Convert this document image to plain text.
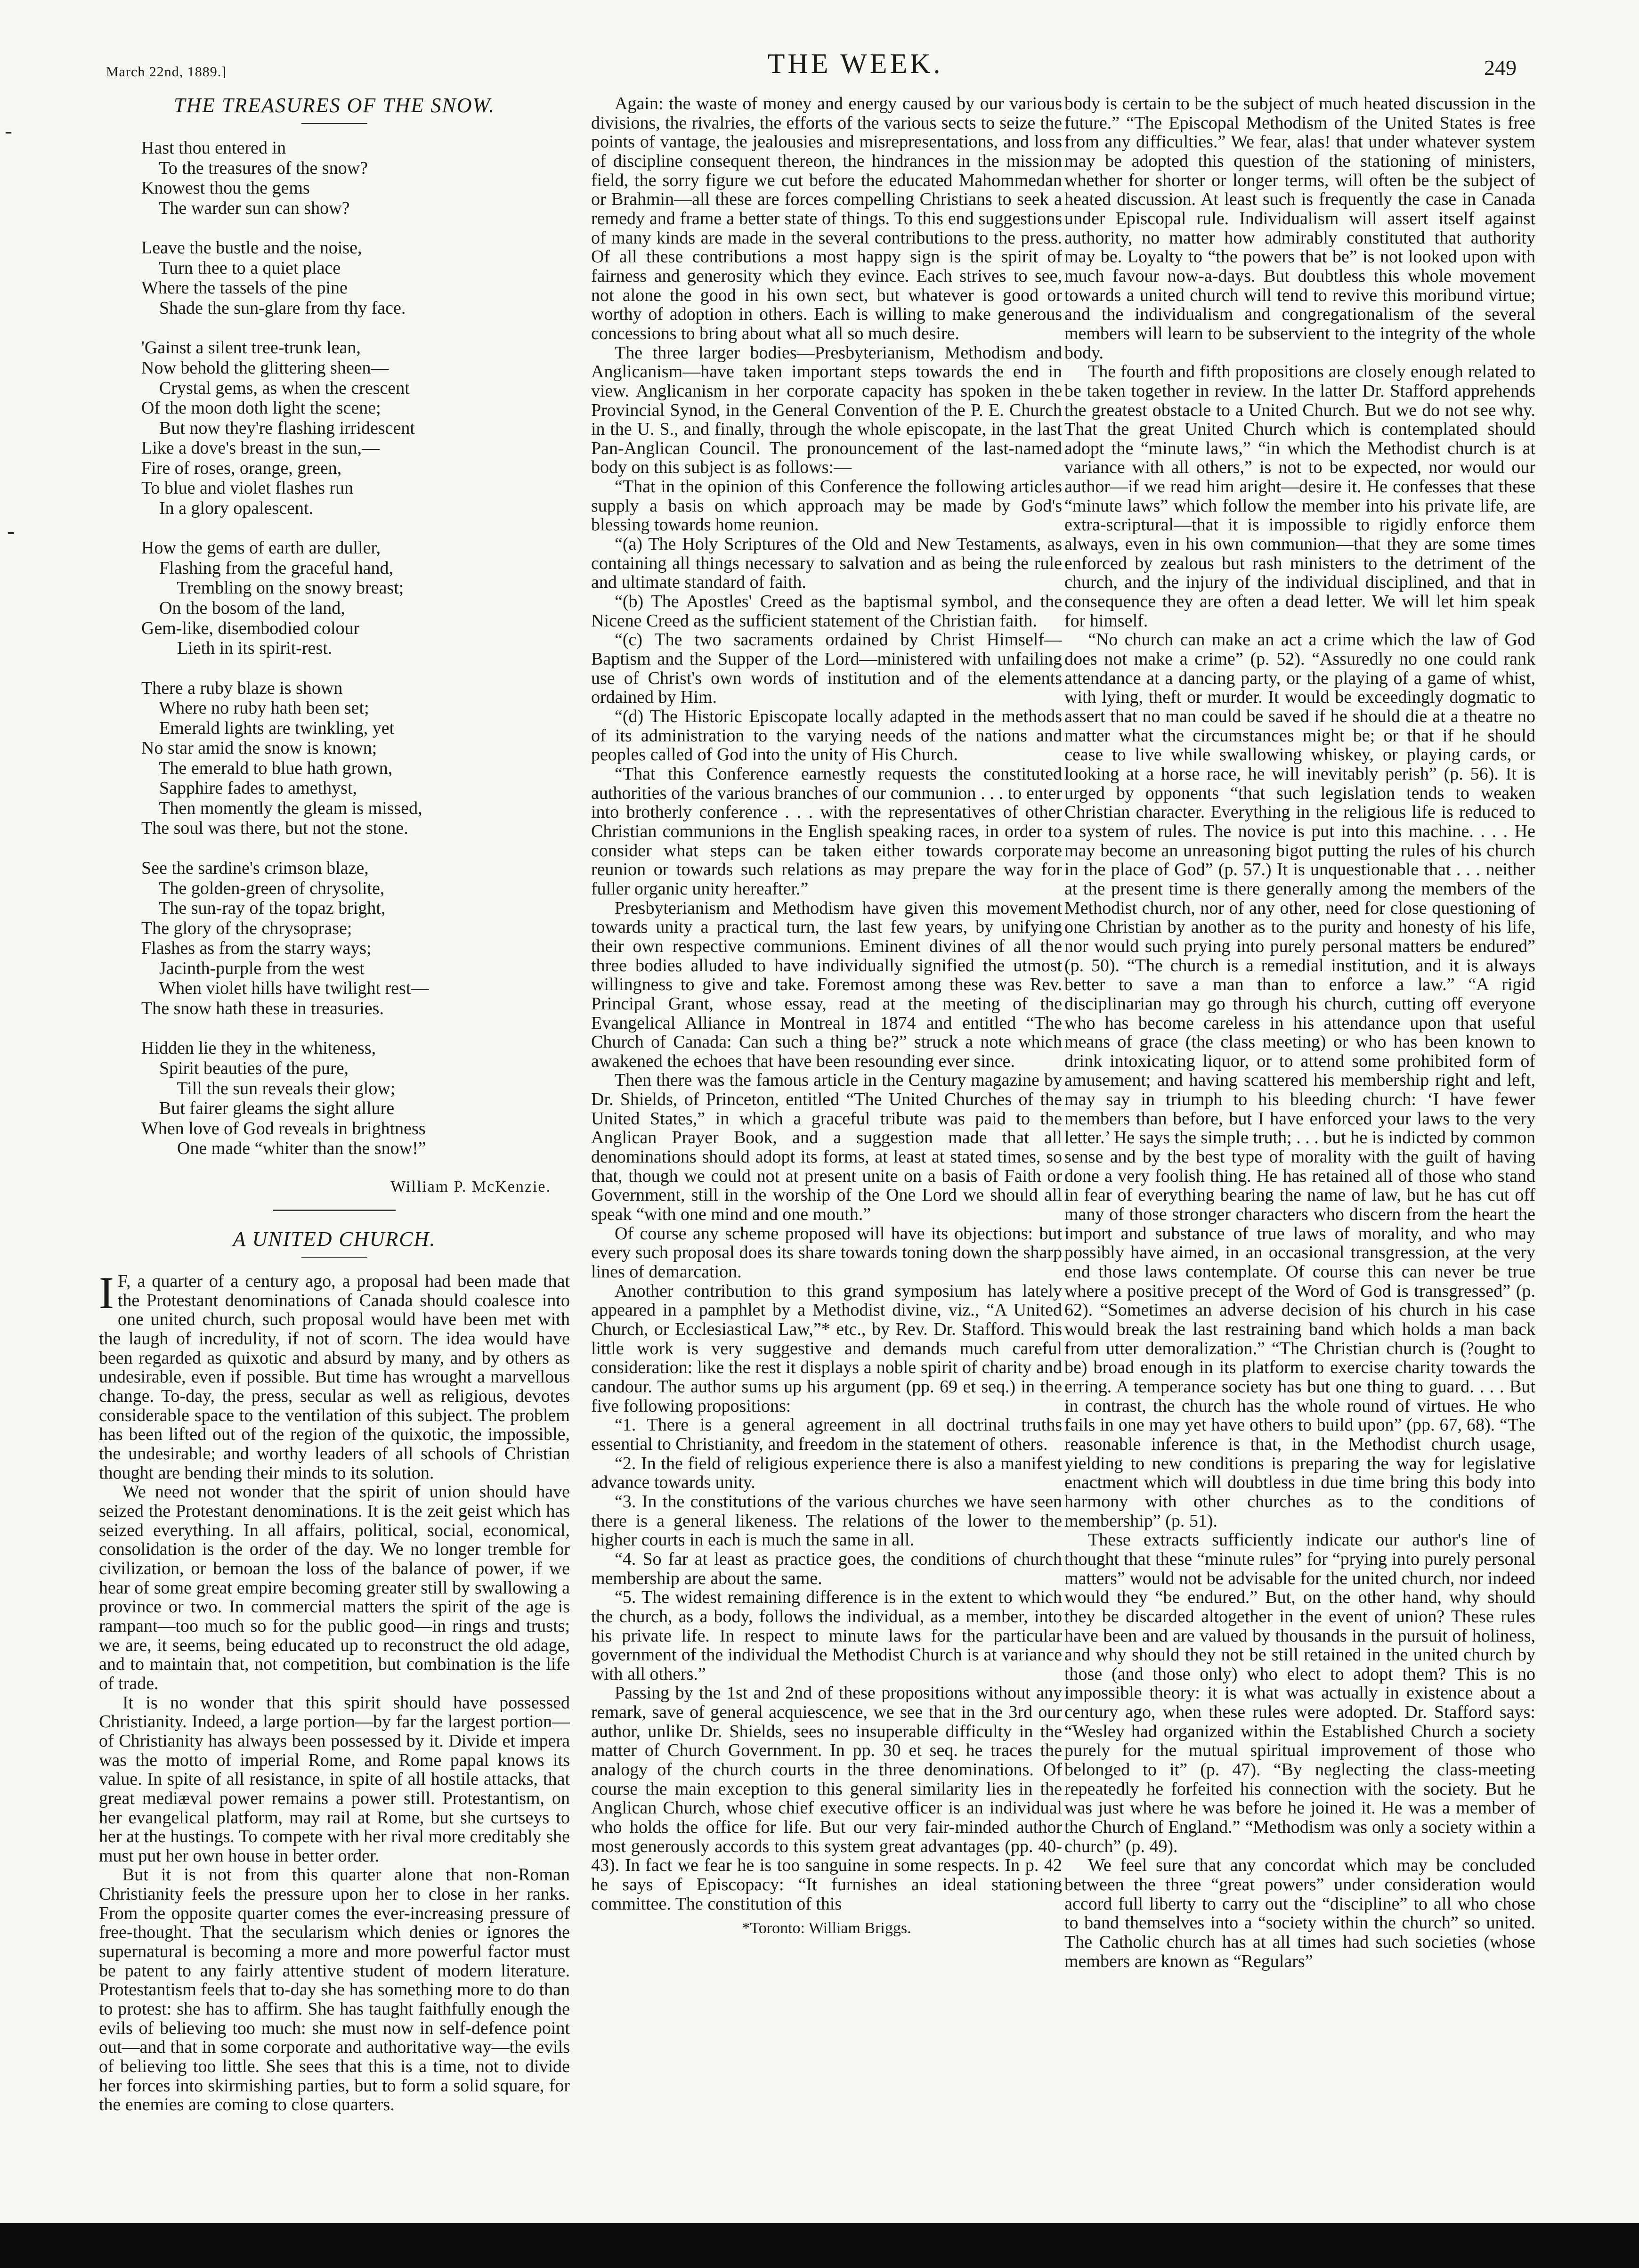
March 22nd, 1889.]	THE WEEK.	249
‐
‐
THE TREASURES OF THE SNOW.
Hast thou entered in
To the treasures of the snow?
Knowest thou the gems
The warder sun can show?
Leave the bustle and the noise,
Turn thee to a quiet place
Where the tassels of the pine
Shade the sun-glare from thy face.
'Gainst a silent tree-trunk lean,
Now behold the glittering sheen—
Crystal gems, as when the crescent
Of the moon doth light the scene;
But now they're flashing irridescent
Like a dove's breast in the sun,—
Fire of roses, orange, green,
To blue and violet flashes run
In a glory opalescent.
How the gems of earth are duller,
Flashing from the graceful hand,
Trembling on the snowy breast;
On the bosom of the land,
Gem-like, disembodied colour
Lieth in its spirit-rest.
There a ruby blaze is shown
Where no ruby hath been set;
Emerald lights are twinkling, yet
No star amid the snow is known;
The emerald to blue hath grown,
Sapphire fades to amethyst,
Then momently the gleam is missed,
The soul was there, but not the stone.
See the sardine's crimson blaze,
The golden-green of chrysolite,
The sun-ray of the topaz bright,
The glory of the chrysoprase;
Flashes as from the starry ways;
Jacinth-purple from the west
When violet hills have twilight rest—
The snow hath these in treasuries.
Hidden lie they in the whiteness,
Spirit beauties of the pure,
Till the sun reveals their glow;
But fairer gleams the sight allure
When love of God reveals in brightness
One made “whiter than the snow!”
William P. McKenzie.
A UNITED CHURCH.

I F, a quarter of a century ago, a proposal had been made that the Protestant denominations of Canada should coalesce into one united church, such proposal would have been met with the laugh of incredulity, if not of scorn. The idea would have been regarded as quixotic and absurd by many, and by others as undesirable, even if possible. But time has wrought a marvellous change. To-day, the press, secular as well as religious, devotes considerable space to the ventilation of this subject. The problem has been lifted out of the region of the quixotic, the impossible, the undesirable; and worthy leaders of all schools of Christian thought are bending their minds to its solution.

We need not wonder that the spirit of union should have seized the Protestant denominations. It is the zeit geist which has seized everything. In all affairs, political, social, economical, consolidation is the order of the day. We no longer tremble for civilization, or bemoan the loss of the balance of power, if we hear of some great empire becoming greater still by swallowing a province or two. In commercial matters the spirit of the age is rampant—too much so for the public good—in rings and trusts; we are, it seems, being educated up to reconstruct the old adage, and to maintain that, not competition, but combination is the life of trade.

It is no wonder that this spirit should have possessed Christianity. Indeed, a large portion—by far the largest portion—of Christianity has always been possessed by it. Divide et impera was the motto of imperial Rome, and Rome papal knows its value. In spite of all resistance, in spite of all hostile attacks, that great mediæval power remains a power still. Protestantism, on her evangelical platform, may rail at Rome, but she curtseys to her at the hustings. To compete with her rival more creditably she must put her own house in better order.

But it is not from this quarter alone that non-Roman Christianity feels the pressure upon her to close in her ranks. From the opposite quarter comes the ever-increasing pressure of free-thought. That the secularism which denies or ignores the supernatural is becoming a more and more powerful factor must be patent to any fairly attentive student of modern literature. Protestantism feels that to-day she has something more to do than to protest: she has to affirm. She has taught faithfully enough the evils of believing too much: she must now in self-defence point out—and that in some corporate and authoritative way—the evils of believing too little. She sees that this is a time, not to divide her forces into skirmishing parties, but to form a solid square, for the enemies are coming to close quarters.

Again: the waste of money and energy caused by our various divisions, the rivalries, the efforts of the various sects to seize the points of vantage, the jealousies and misrepresentations, and loss of discipline consequent thereon, the hindrances in the mission field, the sorry figure we cut before the educated Mahommedan or Brahmin—all these are forces compelling Christians to seek a remedy and frame a better state of things. To this end suggestions of many kinds are made in the several contributions to the press. Of all these contributions a most happy sign is the spirit of fairness and generosity which they evince. Each strives to see, not alone the good in his own sect, but whatever is good or worthy of adoption in others. Each is willing to make generous concessions to bring about what all so much desire.

The three larger bodies—Presbyterianism, Methodism and Anglicanism—have taken important steps towards the end in view. Anglicanism in her corporate capacity has spoken in the Provincial Synod, in the General Convention of the P. E. Church in the U. S., and finally, through the whole episcopate, in the last Pan-Anglican Council. The pronouncement of the last-named body on this subject is as follows:—

“That in the opinion of this Conference the following articles supply a basis on which approach may be made by God's blessing towards home reunion.

“(a) The Holy Scriptures of the Old and New Testaments, as containing all things necessary to salvation and as being the rule and ultimate standard of faith.

“(b) The Apostles' Creed as the baptismal symbol, and the Nicene Creed as the sufficient statement of the Christian faith.

“(c) The two sacraments ordained by Christ Himself—Baptism and the Supper of the Lord—ministered with unfailing use of Christ's own words of institution and of the elements ordained by Him.

“(d) The Historic Episcopate locally adapted in the methods of its administration to the varying needs of the nations and peoples called of God into the unity of His Church.

“That this Conference earnestly requests the constituted authorities of the various branches of our communion . . . to enter into brotherly conference . . . with the representatives of other Christian communions in the English speaking races, in order to consider what steps can be taken either towards corporate reunion or towards such relations as may prepare the way for fuller organic unity hereafter.”

Presbyterianism and Methodism have given this movement towards unity a practical turn, the last few years, by unifying their own respective communions. Eminent divines of all the three bodies alluded to have individually signified the utmost willingness to give and take. Foremost among these was Rev. Principal Grant, whose essay, read at the meeting of the Evangelical Alliance in Montreal in 1874 and entitled “The Church of Canada: Can such a thing be?” struck a note which awakened the echoes that have been resounding ever since.

Then there was the famous article in the Century magazine by Dr. Shields, of Princeton, entitled “The United Churches of the United States,” in which a graceful tribute was paid to the Anglican Prayer Book, and a suggestion made that all denominations should adopt its forms, at least at stated times, so that, though we could not at present unite on a basis of Faith or Government, still in the worship of the One Lord we should all speak “with one mind and one mouth.”

Of course any scheme proposed will have its objections: but every such proposal does its share towards toning down the sharp lines of demarcation.

Another contribution to this grand symposium has lately appeared in a pamphlet by a Methodist divine, viz., “A United Church, or Ecclesiastical Law,”* etc., by Rev. Dr. Stafford. This little work is very suggestive and demands much careful consideration: like the rest it displays a noble spirit of charity and candour. The author sums up his argument (pp. 69 et seq.) in the five following propositions:

“1. There is a general agreement in all doctrinal truths essential to Christianity, and freedom in the statement of others.

“2. In the field of religious experience there is also a manifest advance towards unity.

“3. In the constitutions of the various churches we have seen there is a general likeness. The relations of the lower to the higher courts in each is much the same in all.

“4. So far at least as practice goes, the conditions of church membership are about the same.

“5. The widest remaining difference is in the extent to which the church, as a body, follows the individual, as a member, into his private life. In respect to minute laws for the particular government of the individual the Methodist Church is at variance with all others.”

Passing by the 1st and 2nd of these propositions without any remark, save of general acquiescence, we see that in the 3rd our author, unlike Dr. Shields, sees no insuperable difficulty in the matter of Church Government. In pp. 30 et seq. he traces the analogy of the church courts in the three denominations. Of course the main exception to this general similarity lies in the Anglican Church, whose chief executive officer is an individual who holds the office for life. But our very fair-minded author most generously accords to this system great advantages (pp. 40-43). In fact we fear he is too sanguine in some respects. In p. 42 he says of Episcopacy: “It furnishes an ideal stationing committee. The constitution of this

*Toronto: William Briggs.

body is certain to be the subject of much heated discussion in the future.” “The Episcopal Methodism of the United States is free from any difficulties.” We fear, alas! that under whatever system may be adopted this question of the stationing of ministers, whether for shorter or longer terms, will often be the subject of heated discussion. At least such is frequently the case in Canada under Episcopal rule. Individualism will assert itself against authority, no matter how admirably constituted that authority may be. Loyalty to “the powers that be” is not looked upon with much favour now-a-days. But doubtless this whole movement towards a united church will tend to revive this moribund virtue; and the individualism and congregationalism of the several members will learn to be subservient to the integrity of the whole body.

The fourth and fifth propositions are closely enough related to be taken together in review. In the latter Dr. Stafford apprehends the greatest obstacle to a United Church. But we do not see why. That the great United Church which is contemplated should adopt the “minute laws,” “in which the Methodist church is at variance with all others,” is not to be expected, nor would our author—if we read him aright—desire it. He confesses that these “minute laws” which follow the member into his private life, are extra-scriptural—that it is impossible to rigidly enforce them always, even in his own communion—that they are some times enforced by zealous but rash ministers to the detriment of the church, and the injury of the individual disciplined, and that in consequence they are often a dead letter. We will let him speak for himself.

“No church can make an act a crime which the law of God does not make a crime” (p. 52). “Assuredly no one could rank attendance at a dancing party, or the playing of a game of whist, with lying, theft or murder. It would be exceedingly dogmatic to assert that no man could be saved if he should die at a theatre no matter what the circumstances might be; or that if he should cease to live while swallowing whiskey, or playing cards, or looking at a horse race, he will inevitably perish” (p. 56). It is urged by opponents “that such legislation tends to weaken Christian character. Everything in the religious life is reduced to a system of rules. The novice is put into this machine. . . . He may become an unreasoning bigot putting the rules of his church in the place of God” (p. 57.) It is unquestionable that . . . neither at the present time is there generally among the members of the Methodist church, nor of any other, need for close questioning of one Christian by another as to the purity and honesty of his life, nor would such prying into purely personal matters be endured” (p. 50). “The church is a remedial institution, and it is always better to save a man than to enforce a law.” “A rigid disciplinarian may go through his church, cutting off everyone who has become careless in his attendance upon that useful means of grace (the class meeting) or who has been known to drink intoxicating liquor, or to attend some prohibited form of amusement; and having scattered his membership right and left, may say in triumph to his bleeding church: ‘I have fewer members than before, but I have enforced your laws to the very letter.’ He says the simple truth; . . . but he is indicted by common sense and by the best type of morality with the guilt of having done a very foolish thing. He has retained all of those who stand in fear of everything bearing the name of law, but he has cut off many of those stronger characters who discern from the heart the import and substance of true laws of morality, and who may possibly have aimed, in an occasional transgression, at the very end those laws contemplate. Of course this can never be true where a positive precept of the Word of God is transgressed” (p. 62). “Sometimes an adverse decision of his church in his case would break the last restraining band which holds a man back from utter demoralization.” “The Christian church is (?ought to be) broad enough in its platform to exercise charity towards the erring. A temperance society has but one thing to guard. . . . But in contrast, the church has the whole round of virtues. He who fails in one may yet have others to build upon” (pp. 67, 68). “The reasonable inference is that, in the Methodist church usage, yielding to new conditions is preparing the way for legislative enactment which will doubtless in due time bring this body into harmony with other churches as to the conditions of membership” (p. 51).

These extracts sufficiently indicate our author's line of thought that these “minute rules” for “prying into purely personal matters” would not be advisable for the united church, nor indeed would they “be endured.” But, on the other hand, why should they be discarded altogether in the event of union? These rules have been and are valued by thousands in the pursuit of holiness, and why should they not be still retained in the united church by those (and those only) who elect to adopt them? This is no impossible theory: it is what was actually in existence about a century ago, when these rules were adopted. Dr. Stafford says: “Wesley had organized within the Established Church a society purely for the mutual spiritual improvement of those who belonged to it” (p. 47). “By neglecting the class-meeting repeatedly he forfeited his connection with the society. But he was just where he was before he joined it. He was a member of the Church of England.” “Methodism was only a society within a church” (p. 49).

We feel sure that any concordat which may be concluded between the three “great powers” under consideration would accord full liberty to carry out the “discipline” to all who chose to band themselves into a “society within the church” so united. The Catholic church has at all times had such societies (whose members are known as “Regulars”
